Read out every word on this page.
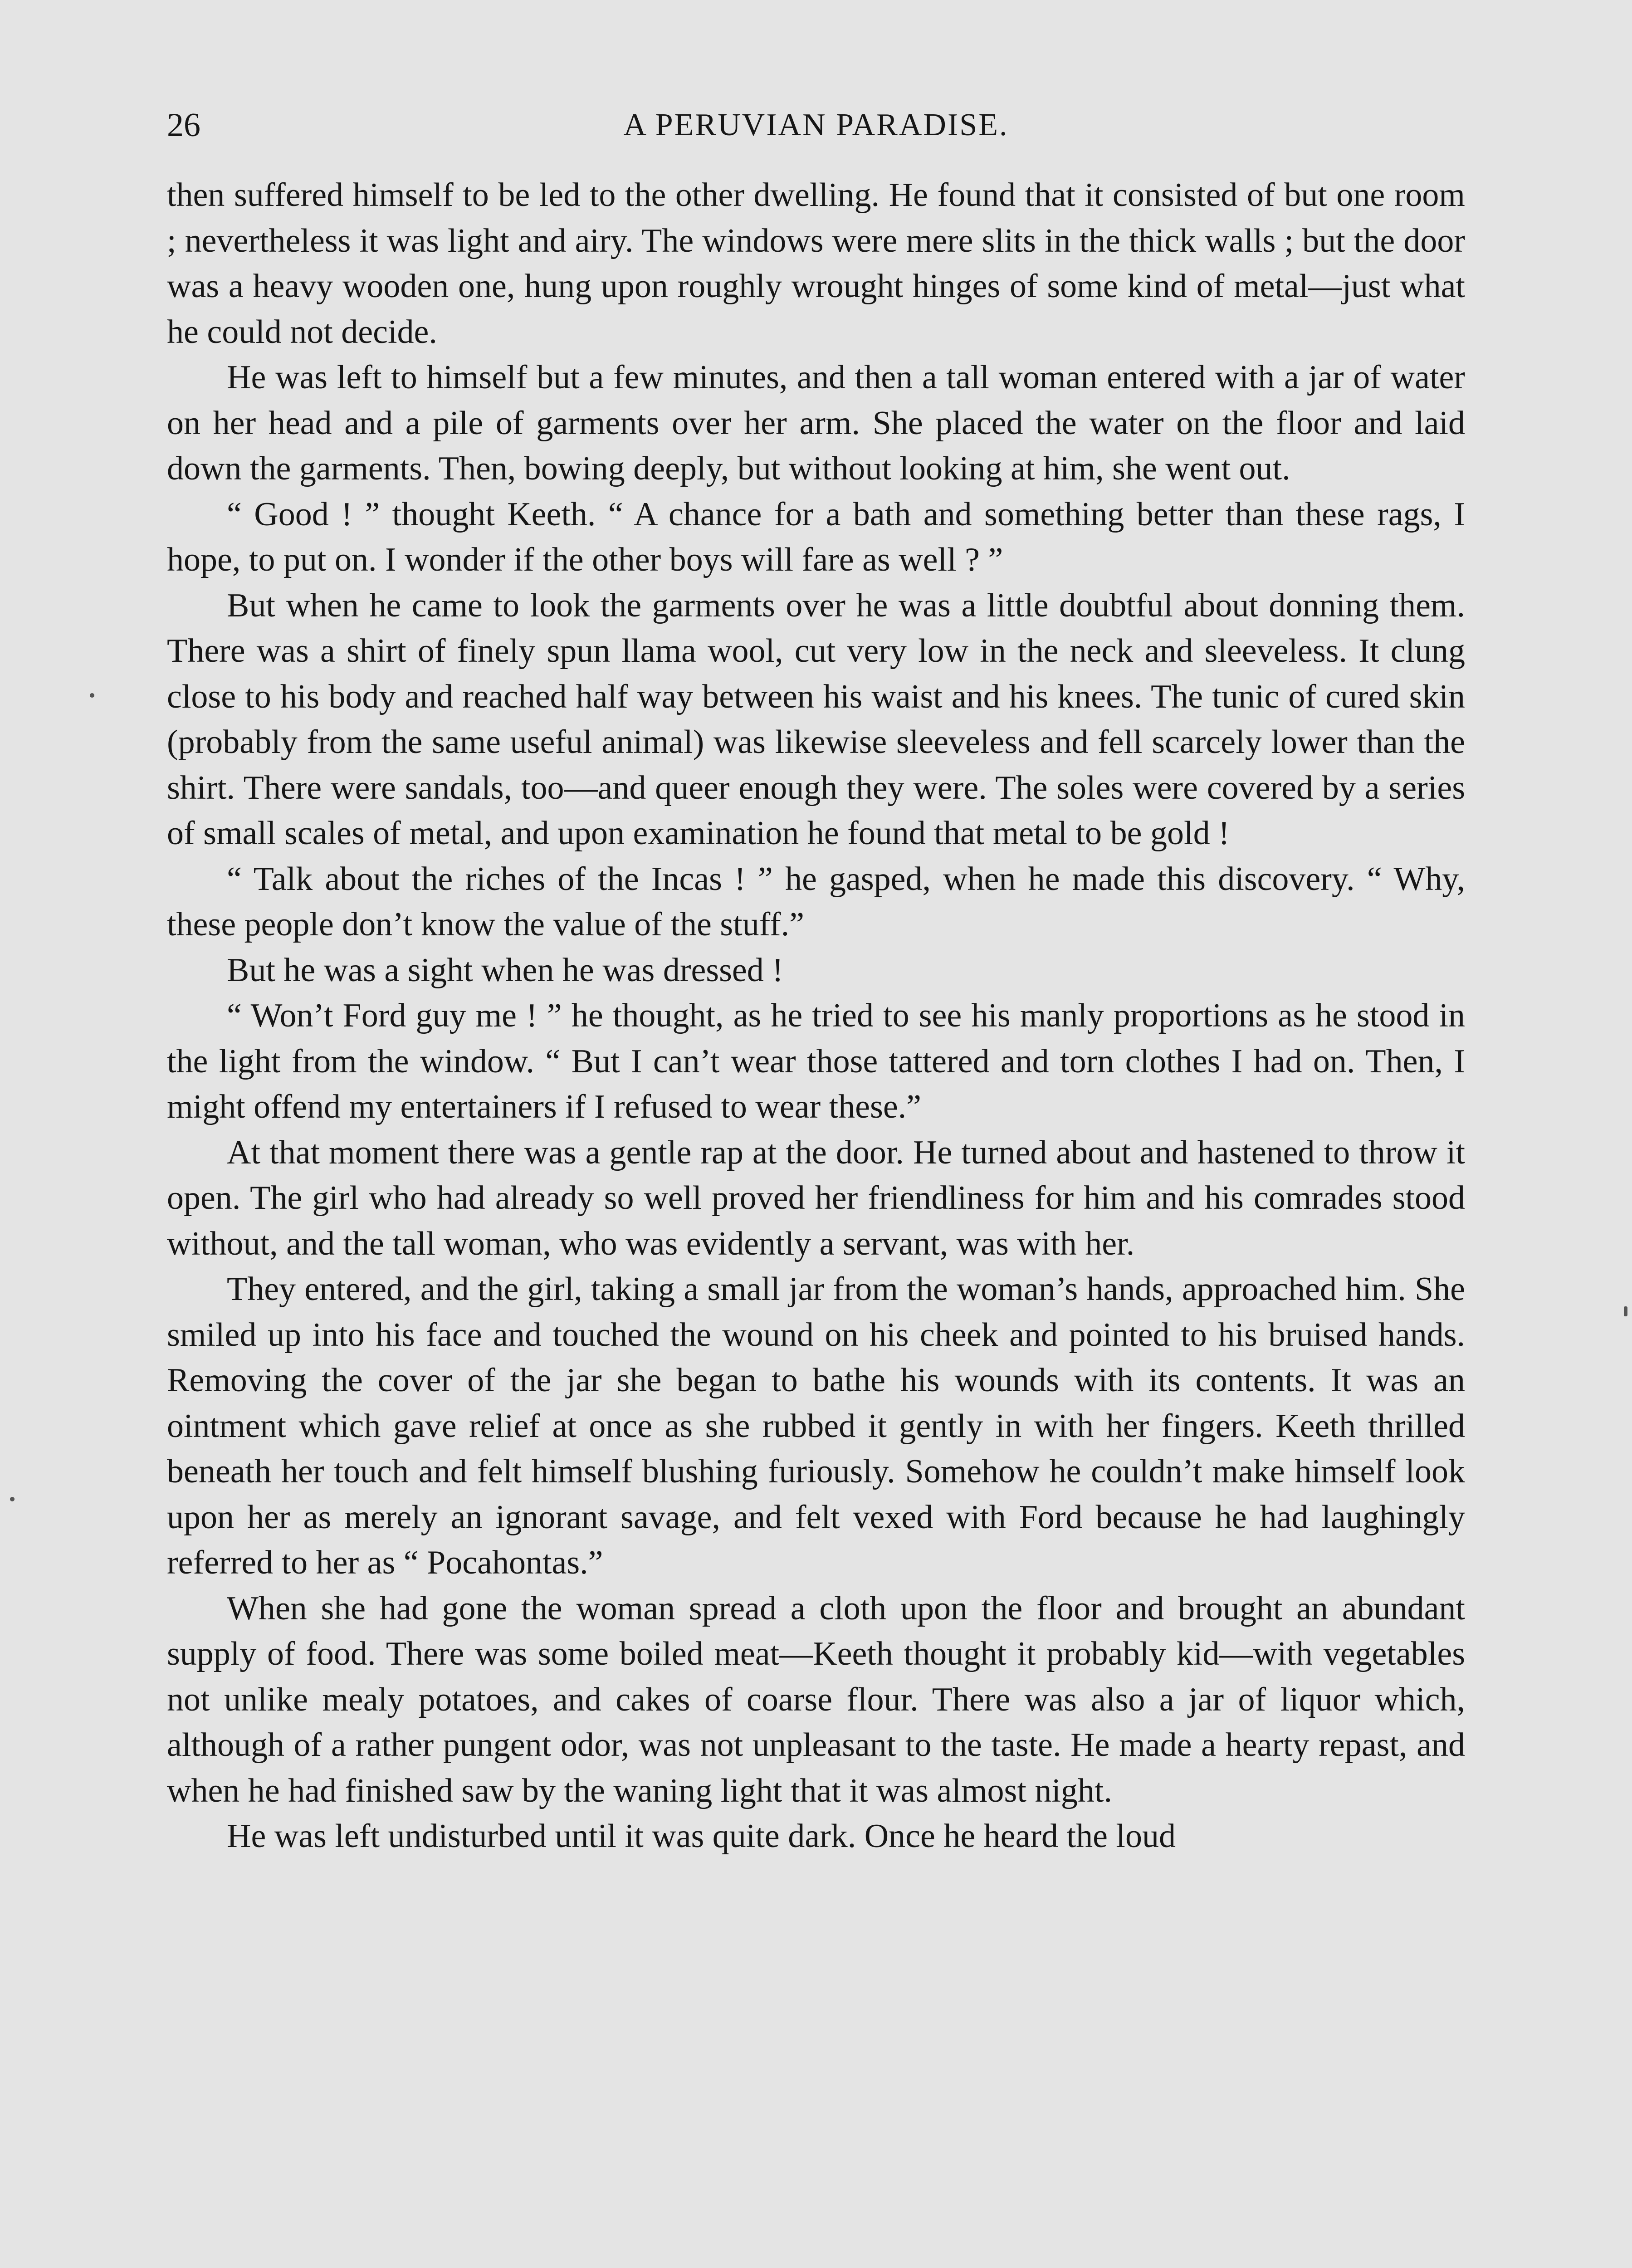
26	A PERUVIAN PARADISE.

then suffered himself to be led to the other dwelling. He found that it consisted of but one room ; nevertheless it was light and airy. The windows were mere slits in the thick walls ; but the door was a heavy wooden one, hung upon roughly wrought hinges of some kind of metal—just what he could not decide.

He was left to himself but a few minutes, and then a tall woman entered with a jar of water on her head and a pile of garments over her arm. She placed the water on the floor and laid down the garments. Then, bowing deeply, but without looking at him, she went out.

“ Good ! ” thought Keeth. “ A chance for a bath and something better than these rags, I hope, to put on. I wonder if the other boys will fare as well ? ”

But when he came to look the garments over he was a little doubtful about donning them. There was a shirt of finely spun llama wool, cut very low in the neck and sleeveless. It clung close to his body and reached half way between his waist and his knees. The tunic of cured skin (probably from the same useful animal) was likewise sleeveless and fell scarcely lower than the shirt. There were sandals, too—and queer enough they were. The soles were covered by a series of small scales of metal, and upon examination he found that metal to be gold !

“ Talk about the riches of the Incas ! ” he gasped, when he made this discovery. “ Why, these people don’t know the value of the stuff.”

But he was a sight when he was dressed !

“ Won’t Ford guy me ! ” he thought, as he tried to see his manly proportions as he stood in the light from the window. “ But I can’t wear those tattered and torn clothes I had on. Then, I might offend my entertainers if I refused to wear these.”

At that moment there was a gentle rap at the door. He turned about and hastened to throw it open. The girl who had already so well proved her friendliness for him and his comrades stood without, and the tall woman, who was evidently a servant, was with her.

They entered, and the girl, taking a small jar from the woman’s hands, approached him. She smiled up into his face and touched the wound on his cheek and pointed to his bruised hands. Removing the cover of the jar she began to bathe his wounds with its contents. It was an ointment which gave relief at once as she rubbed it gently in with her fingers. Keeth thrilled beneath her touch and felt himself blushing furiously. Somehow he couldn’t make himself look upon her as merely an ignorant savage, and felt vexed with Ford because he had laughingly referred to her as “ Pocahontas.”

When she had gone the woman spread a cloth upon the floor and brought an abundant supply of food. There was some boiled meat—Keeth thought it probably kid—with vegetables not unlike mealy potatoes, and cakes of coarse flour. There was also a jar of liquor which, although of a rather pungent odor, was not unpleasant to the taste. He made a hearty repast, and when he had finished saw by the waning light that it was almost night.

He was left undisturbed until it was quite dark. Once he heard the loud
